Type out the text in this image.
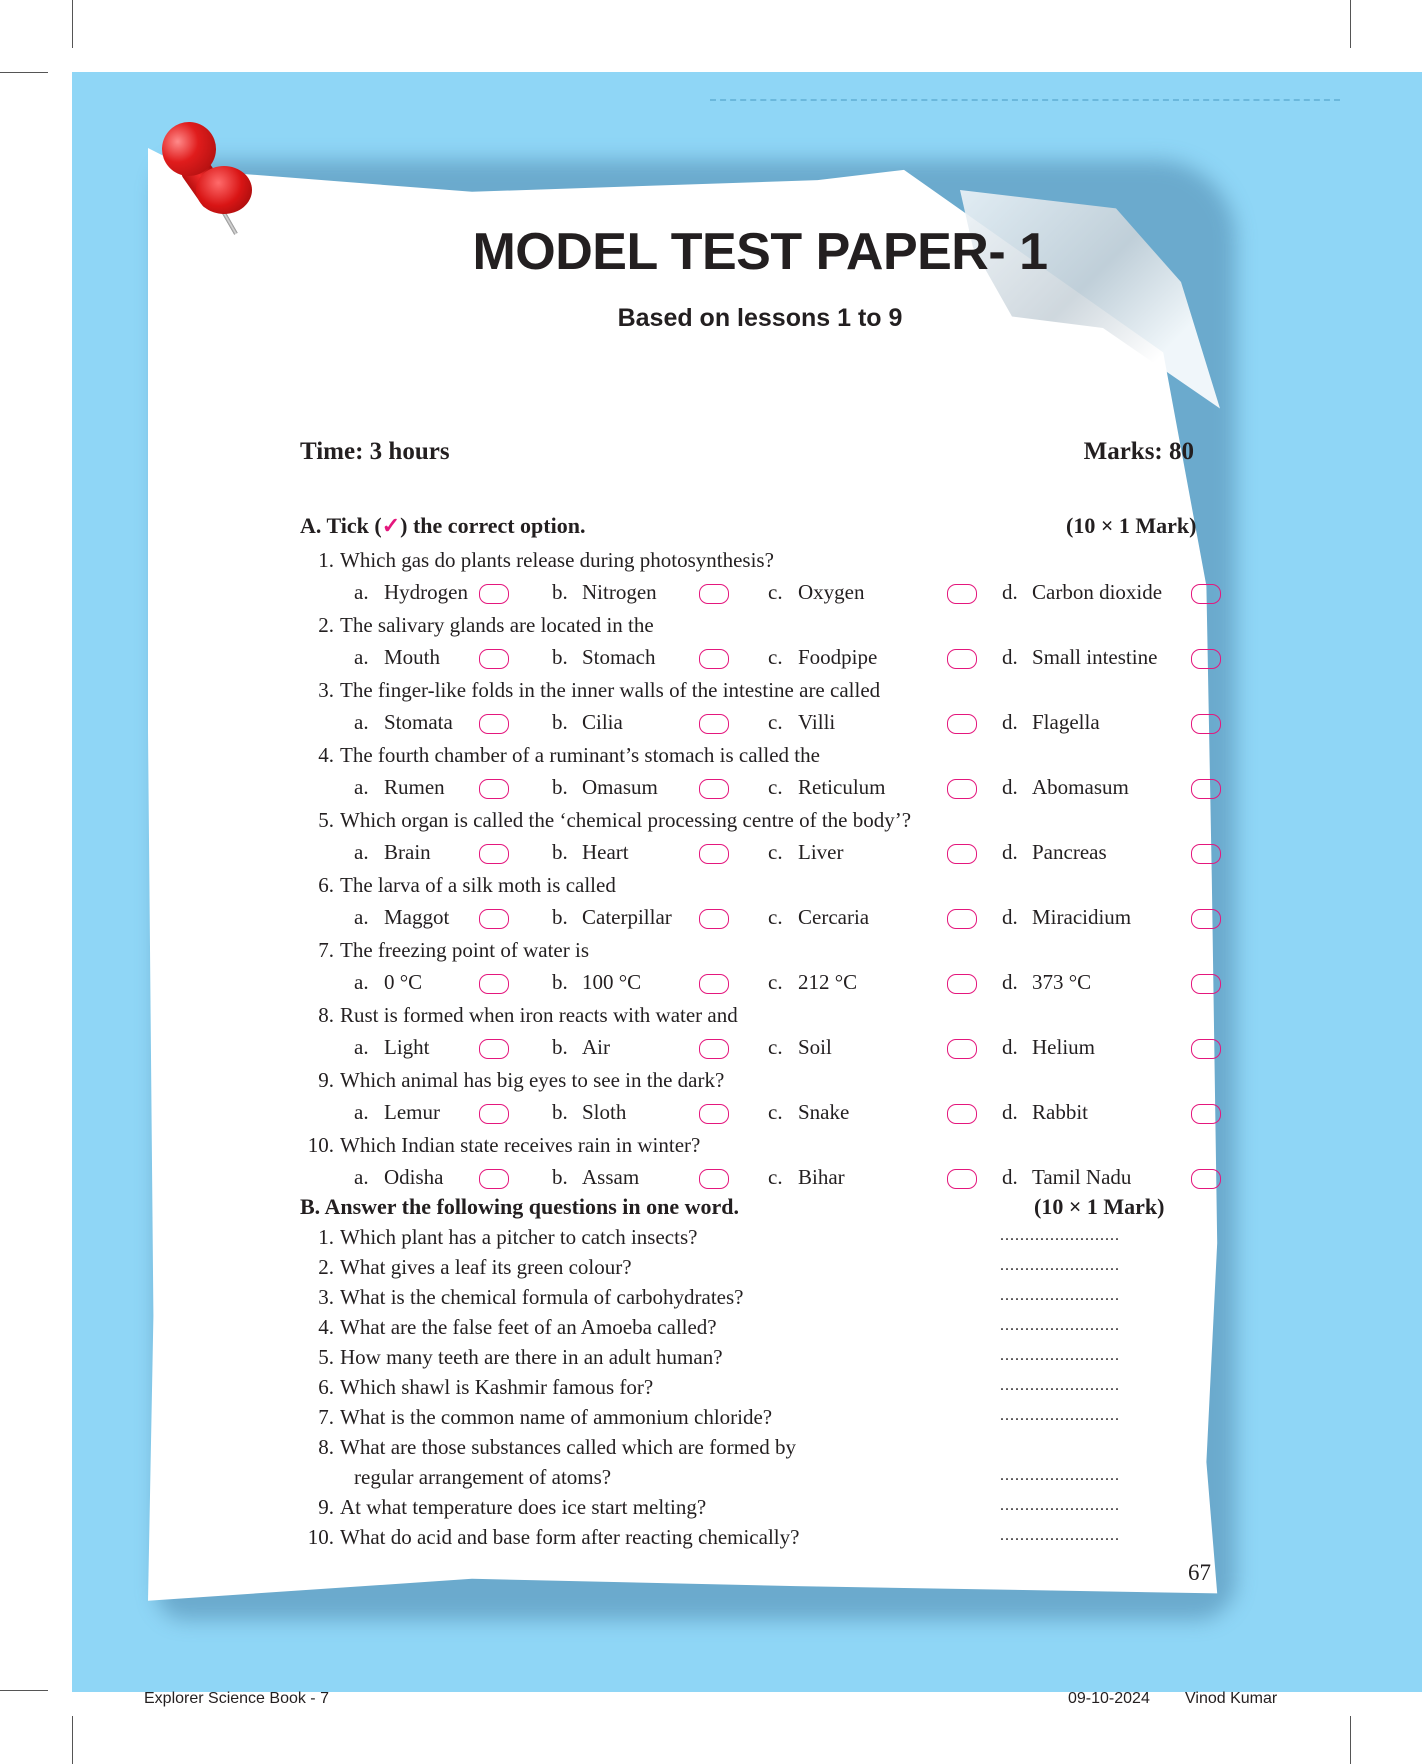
MODEL TEST PAPER- 1
Based on lessons 1 to 9
Time: 3 hours	Marks: 80
A. Tick (✓) the correct option.	(10 × 1 Mark)
1. Which gas do plants release during photosynthesis?
a. Hydrogen	b. Nitrogen	c. Oxygen	d. Carbon dioxide
2. The salivary glands are located in the
a. Mouth	b. Stomach	c. Foodpipe	d. Small intestine
3. The finger-like folds in the inner walls of the intestine are called
a. Stomata	b. Cilia	c. Villi	d. Flagella
4. The fourth chamber of a ruminant’s stomach is called the
a. Rumen	b. Omasum	c. Reticulum	d. Abomasum
5. Which organ is called the ‘chemical processing centre of the body’?
a. Brain	b. Heart	c. Liver	d. Pancreas
6. The larva of a silk moth is called
a. Maggot	b. Caterpillar	c. Cercaria	d. Miracidium
7. The freezing point of water is
a. 0 °C	b. 100 °C	c. 212 °C	d. 373 °C
8. Rust is formed when iron reacts with water and
a. Light	b. Air	c. Soil	d. Helium
9. Which animal has big eyes to see in the dark?
a. Lemur	b. Sloth	c. Snake	d. Rabbit
10. Which Indian state receives rain in winter?
a. Odisha	b. Assam	c. Bihar	d. Tamil Nadu
B. Answer the following questions in one word.	(10 × 1 Mark)
1. Which plant has a pitcher to catch insects?	........................
2. What gives a leaf its green colour?	........................
3. What is the chemical formula of carbohydrates?	........................
4. What are the false feet of an Amoeba called?	........................
5. How many teeth are there in an adult human?	........................
6. Which shawl is Kashmir famous for?	........................
7. What is the common name of ammonium chloride?	........................
8. What are those substances called which are formed by
regular arrangement of atoms?	........................
9. At what temperature does ice start melting?	........................
10. What do acid and base form after reacting chemically?	........................
67
Explorer Science Book - 7	09-10-2024 Vinod Kumar
